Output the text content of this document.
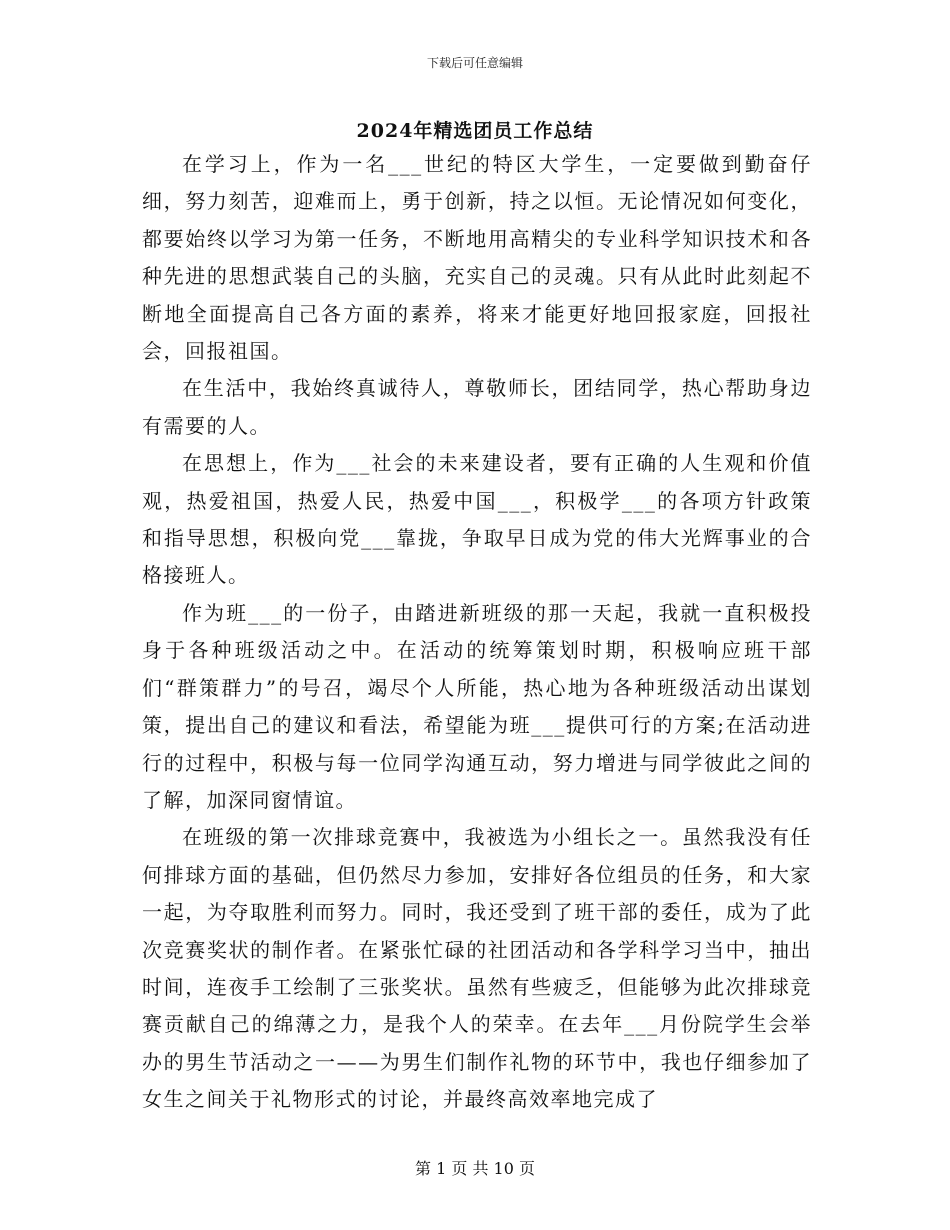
下载后可任意编辑
2024年精选团员工作总结

在学习上，作为一名___世纪的特区大学生，一定要做到勤奋仔细，努力刻苦，迎难而上，勇于创新，持之以恒。无论情况如何变化，都要始终以学习为第一任务，不断地用高精尖的专业科学知识技术和各种先进的思想武装自己的头脑，充实自己的灵魂。只有从此时此刻起不断地全面提高自己各方面的素养，将来才能更好地回报家庭，回报社会，回报祖国。

在生活中，我始终真诚待人，尊敬师长，团结同学，热心帮助身边有需要的人。

在思想上，作为___社会的未来建设者，要有正确的人生观和价值观，热爱祖国，热爱人民，热爱中国___，积极学___的各项方针政策和指导思想，积极向党___靠拢，争取早日成为党的伟大光辉事业的合格接班人。

作为班___的一份子，由踏进新班级的那一天起，我就一直积极投身于各种班级活动之中。在活动的统筹策划时期，积极响应班干部们“群策群力”的号召，竭尽个人所能，热心地为各种班级活动出谋划策，提出自己的建议和看法，希望能为班___提供可行的方案;在活动进行的过程中，积极与每一位同学沟通互动，努力增进与同学彼此之间的了解，加深同窗情谊。

在班级的第一次排球竞赛中，我被选为小组长之一。虽然我没有任何排球方面的基础，但仍然尽力参加，安排好各位组员的任务，和大家一起，为夺取胜利而努力。同时，我还受到了班干部的委任，成为了此次竞赛奖状的制作者。在紧张忙碌的社团活动和各学科学习当中，抽出时间，连夜手工绘制了三张奖状。虽然有些疲乏，但能够为此次排球竞赛贡献自己的绵薄之力，是我个人的荣幸。在去年___月份院学生会举办的男生节活动之一——为男生们制作礼物的环节中，我也仔细参加了女生之间关于礼物形式的讨论，并最终高效率地完成了

第 1 页 共 10 页
